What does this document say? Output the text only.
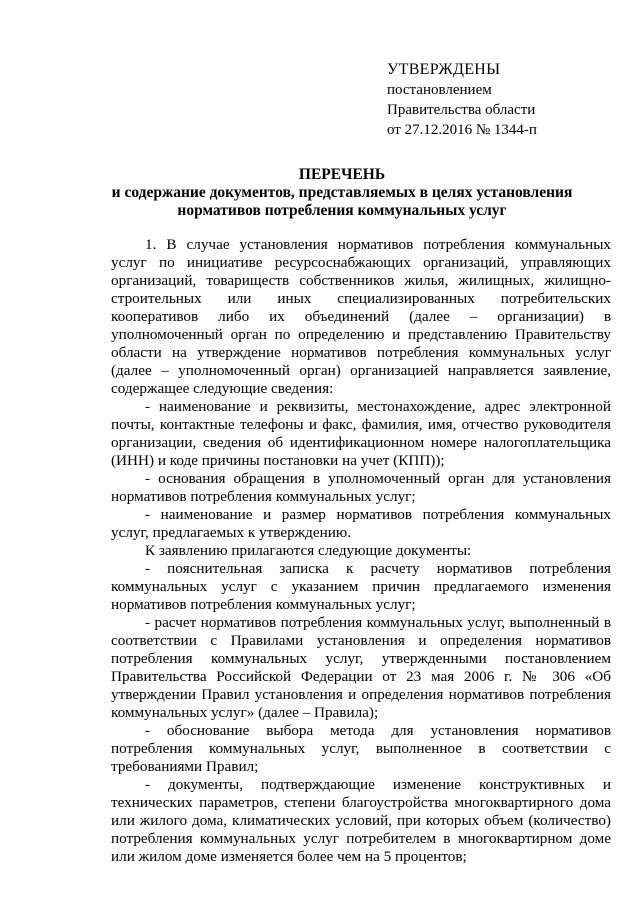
УТВЕРЖДЕНЫ
постановлением
Правительства области
от 27.12.2016 № 1344-п
ПЕРЕЧЕНЬ
и содержание документов, представляемых в целях установления
нормативов потребления коммунальных услуг

1. В случае установления нормативов потребления коммунальных услуг по инициативе ресурсоснабжающих организаций, управляющих организаций, товариществ собственников жилья, жилищных, жилищно-строительных или иных специализированных потребительских кооперативов либо их объединений (далее – организации) в уполномоченный орган по определению и представлению Правительству области на утверждение нормативов потребления коммунальных услуг (далее – уполномоченный орган) организацией направляется заявление, содержащее следующие сведения:

- наименование и реквизиты, местонахождение, адрес электронной почты, контактные телефоны и факс, фамилия, имя, отчество руководителя организации, сведения об идентификационном номере налогоплательщика (ИНН) и коде причины постановки на учет (КПП));

- основания обращения в уполномоченный орган для установления нормативов потребления коммунальных услуг;

- наименование и размер нормативов потребления коммунальных услуг, предлагаемых к утверждению.

К заявлению прилагаются следующие документы:

- пояснительная записка к расчету нормативов потребления коммунальных услуг с указанием причин предлагаемого изменения нормативов потребления коммунальных услуг;

- расчет нормативов потребления коммунальных услуг, выполненный в соответствии с Правилами установления и определения нормативов потребления коммунальных услуг, утвержденными постановлением Правительства Российской Федерации от 23 мая 2006 г. № 306 «Об утверждении Правил установления и определения нормативов потребления коммунальных услуг» (далее – Правила);

- обоснование выбора метода для установления нормативов потребления коммунальных услуг, выполненное в соответствии с требованиями Правил;

- документы, подтверждающие изменение конструктивных и технических параметров, степени благоустройства многоквартирного дома или жилого дома, климатических условий, при которых объем (количество) потребления коммунальных услуг потребителем в многоквартирном доме или жилом доме изменяется более чем на 5 процентов;
